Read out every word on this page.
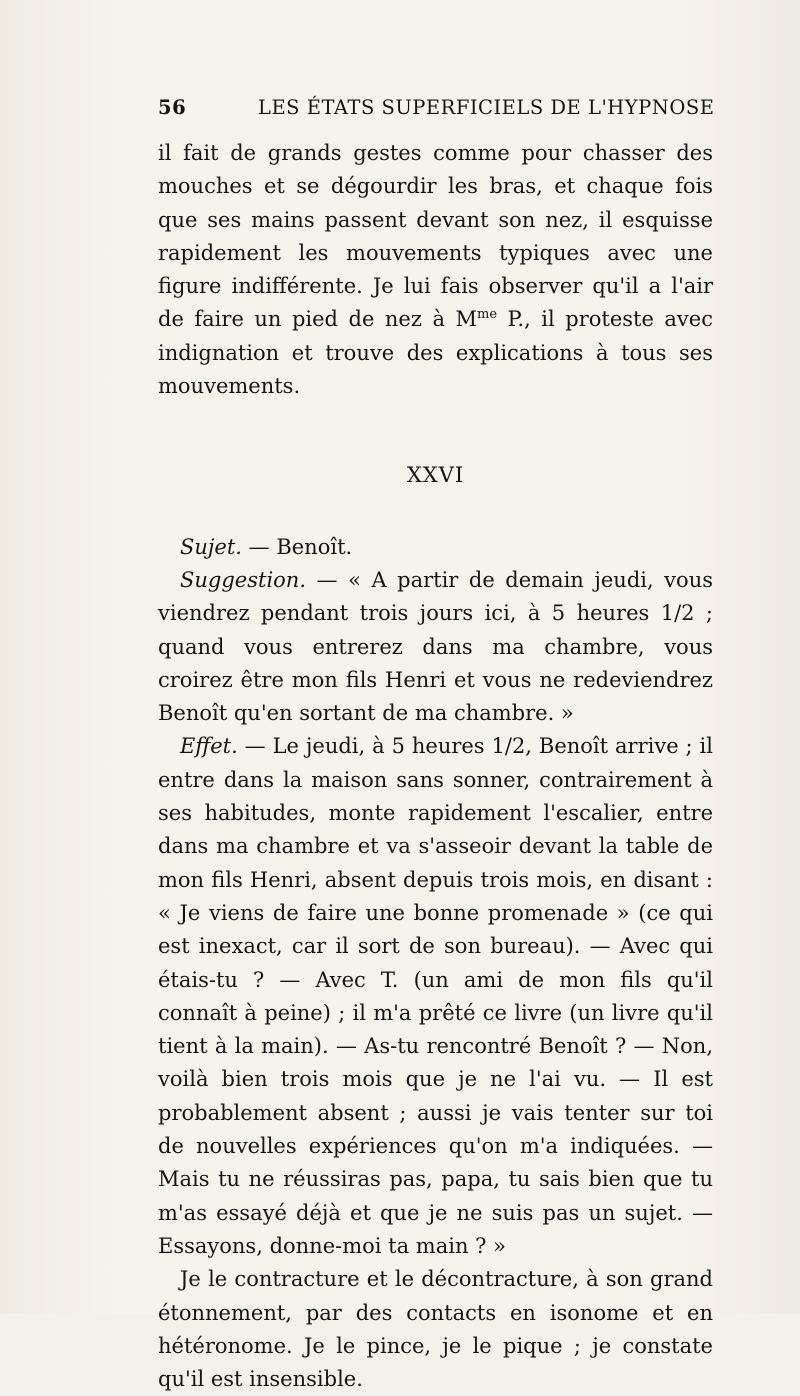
56	LES ÉTATS SUPERFICIELS DE L'HYPNOSE

il fait de grands gestes comme pour chasser des mouches et se dégourdir les bras, et chaque fois que ses mains passent devant son nez, il esquisse rapidement les mouvements typiques avec une figure indifférente. Je lui fais observer qu'il a l'air de faire un pied de nez à $M^{me}$ P., il proteste avec indignation et trouve des explications à tous ses mouvements.

XXVI

Sujet. — Benoît.

Suggestion. — « A partir de demain jeudi, vous viendrez pendant trois jours ici, à 5 heures 1/2 ; quand vous entrerez dans ma chambre, vous croirez être mon fils Henri et vous ne redeviendrez Benoît qu'en sortant de ma chambre. »

Effet. — Le jeudi, à 5 heures 1/2, Benoît arrive ; il entre dans la maison sans sonner, contrairement à ses habitudes, monte rapidement l'escalier, entre dans ma chambre et va s'asseoir devant la table de mon fils Henri, absent depuis trois mois, en disant : « Je viens de faire une bonne promenade » (ce qui est inexact, car il sort de son bureau). — Avec qui étais-tu ? — Avec T. (un ami de mon fils qu'il connaît à peine) ; il m'a prêté ce livre (un livre qu'il tient à la main). — As-tu rencontré Benoît ? — Non, voilà bien trois mois que je ne l'ai vu. — Il est probablement absent ; aussi je vais tenter sur toi de nouvelles expériences qu'on m'a indiquées. — Mais tu ne réussiras pas, papa, tu sais bien que tu m'as essayé déjà et que je ne suis pas un sujet. — Essayons, donne-moi ta main ? »

Je le contracture et le décontracture, à son grand étonnement, par des contacts en isonome et en hétéronome. Je le pince, je le pique ; je constate qu'il est insensible.
